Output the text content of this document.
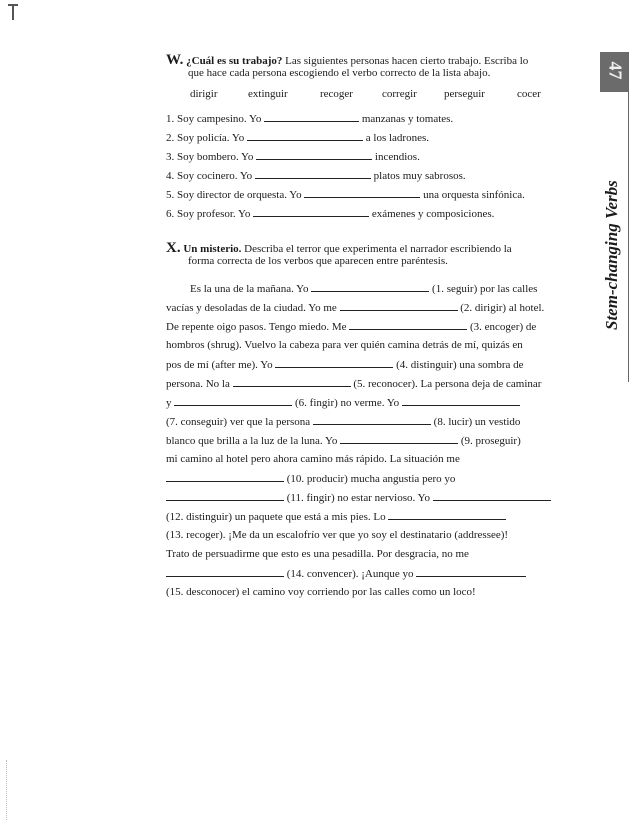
W. ¿Cuál es su trabajo? Las siguientes personas hacen cierto trabajo. Escriba lo
que hace cada persona escogiendo el verbo correcto de la lista abajo.
dirigir	extinguir	recoger	corregir perseguir	cocer
1. Soy campesino. Yo	manzanas y tomates.
2. Soy policía. Yo	a los ladrones.
3. Soy bombero. Yo	incendios.
4. Soy cocinero. Yo	platos muy sabrosos.
5. Soy director de orquesta. Yo	una orquesta sinfónica.
6. Soy profesor. Yo	exámenes y composiciones.
X. Un misterio. Describa el terror que experimenta el narrador escribiendo la
forma correcta de los verbos que aparecen entre paréntesis.
Es la una de la mañana. Yo	(1. seguir) por las calles
vacías y desoladas de la ciudad. Yo me	(2. dirigir) al hotel.
De repente oigo pasos. Tengo miedo. Me	(3. encoger) de
hombros (shrug). Vuelvo la cabeza para ver quién camina detrás de mí, quizás en
pos de mí (after me). Yo	(4. distinguir) una sombra de
persona. No la	(5. reconocer). La persona deja de caminar
y	(6. fingir) no verme. Yo
(7. conseguir) ver que la persona	(8. lucir) un vestido
blanco que brilla a la luz de la luna. Yo	(9. proseguir)
mi camino al hotel pero ahora camino más rápido. La situación me
(10. producir) mucha angustia pero yo
(11. fingir) no estar nervioso. Yo
(12. distinguir) un paquete que está a mis pies. Lo
(13. recoger). ¡Me da un escalofrío ver que yo soy el destinatario (addressee)!
Trato de persuadirme que esto es una pesadilla. Por desgracia, no me
(14. convencer). ¡Aunque yo
(15. desconocer) el camino voy corriendo por las calles como un loco!
47
Stem-changing Verbs
